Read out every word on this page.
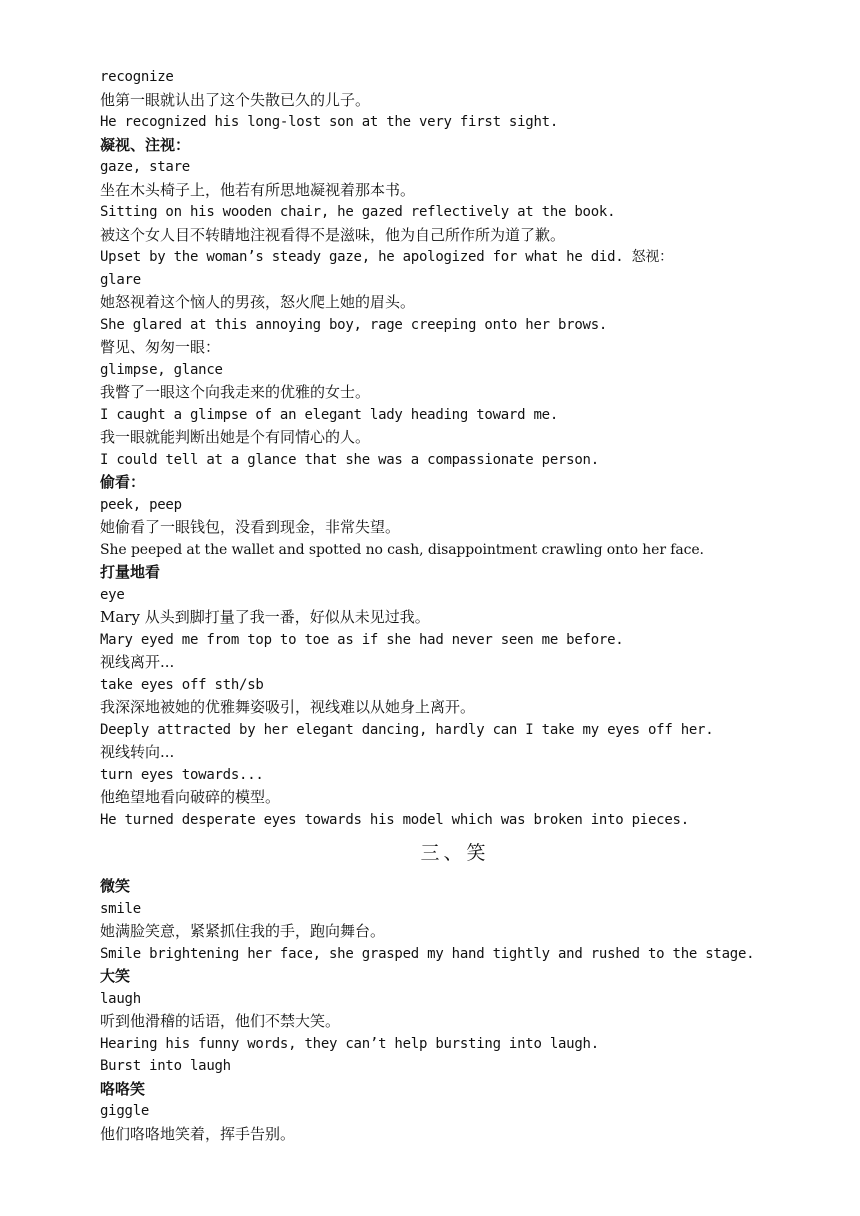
recognize
他第一眼就认出了这个失散已久的儿子。
He recognized his long-lost son at the very first sight.
凝视、注视：
gaze, stare
坐在木头椅子上，他若有所思地凝视着那本书。
Sitting on his wooden chair, he gazed reflectively at the book.
被这个女人目不转睛地注视看得不是滋味，他为自己所作所为道了歉。
Upset by the woman’s steady gaze, he apologized for what he did. 怒视：
glare
她怒视着这个恼人的男孩，怒火爬上她的眉头。
She glared at this annoying boy, rage creeping onto her brows.
瞥见、匆匆一眼：
glimpse, glance
我瞥了一眼这个向我走来的优雅的女士。
I caught a glimpse of an elegant lady heading toward me.
我一眼就能判断出她是个有同情心的人。
I could tell at a glance that she was a compassionate person.
偷看：
peek, peep
她偷看了一眼钱包，没看到现金，非常失望。
She peeped at the wallet and spotted no cash, disappointment crawling onto her face.
打量地看
eye
Mary 从头到脚打量了我一番，好似从未见过我。
Mary eyed me from top to toe as if she had never seen me before.
视线离开...
take eyes off sth/sb
我深深地被她的优雅舞姿吸引，视线难以从她身上离开。
Deeply attracted by her elegant dancing, hardly can I take my eyes off her.
视线转向...
turn eyes towards...
他绝望地看向破碎的模型。
He turned desperate eyes towards his model which was broken into pieces.
三、笑
微笑
smile
她满脸笑意，紧紧抓住我的手，跑向舞台。
Smile brightening her face, she grasped my hand tightly and rushed to the stage.
大笑
laugh
听到他滑稽的话语，他们不禁大笑。
Hearing his funny words, they can’t help bursting into laugh.
Burst into laugh
咯咯笑
giggle
他们咯咯地笑着，挥手告别。
